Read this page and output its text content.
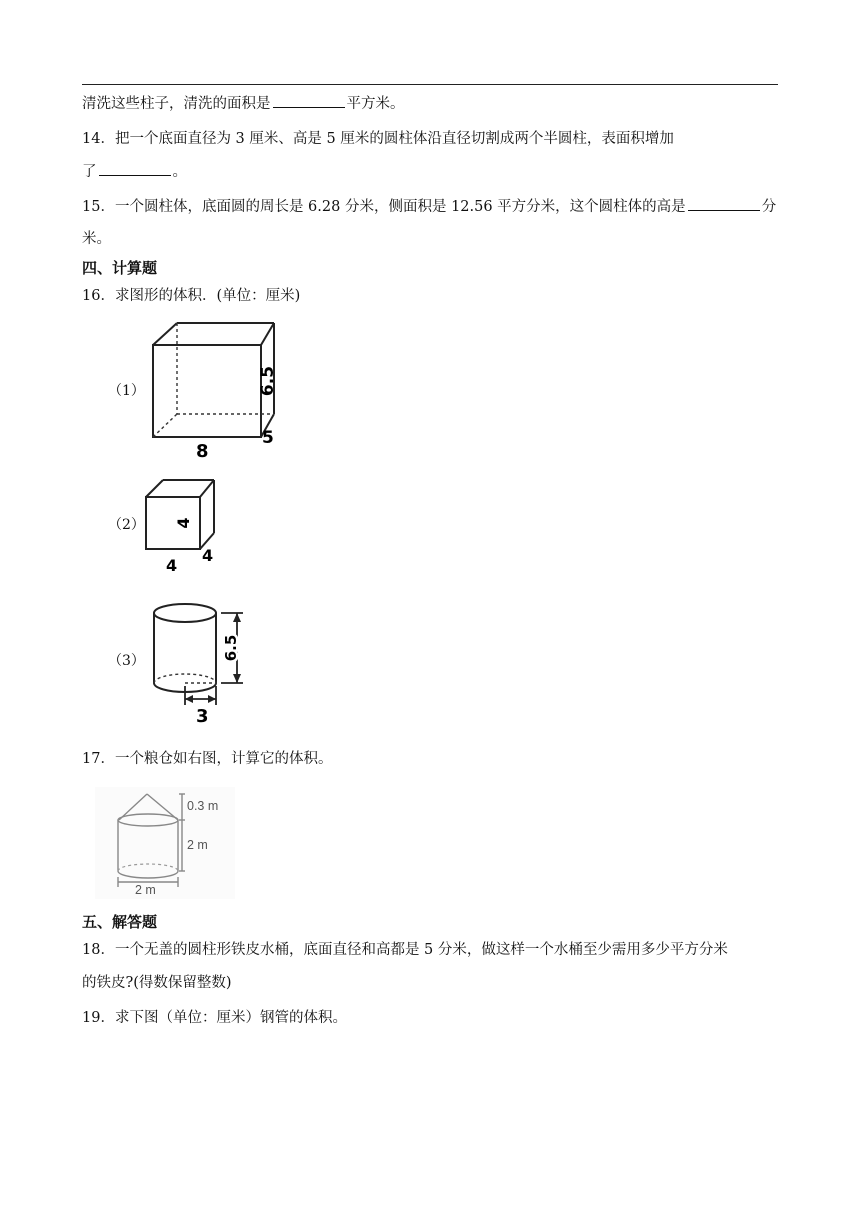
清洗这些柱子，清洗的面积是	平方米。
14．把一个底面直径为 3 厘米、高是 5 厘米的圆柱体沿直径切割成两个半圆柱，表面积增加
了	。
15．一个圆柱体，底面圆的周长是 6.28 分米，侧面积是 12.56 平方分米，这个圆柱体的高是	分
米。
四、计算题
16．求图形的体积．(单位：厘米)
（1）
8
5
6.5
（2）
4
4
4
（3）	6.5
3
17．一个粮仓如右图，计算它的体积。
0.3 m
2 m
2 m
五、解答题
18．一个无盖的圆柱形铁皮水桶，底面直径和高都是 5 分米，做这样一个水桶至少需用多少平方分米
的铁皮?(得数保留整数)
19．求下图（单位：厘米）钢管的体积。
